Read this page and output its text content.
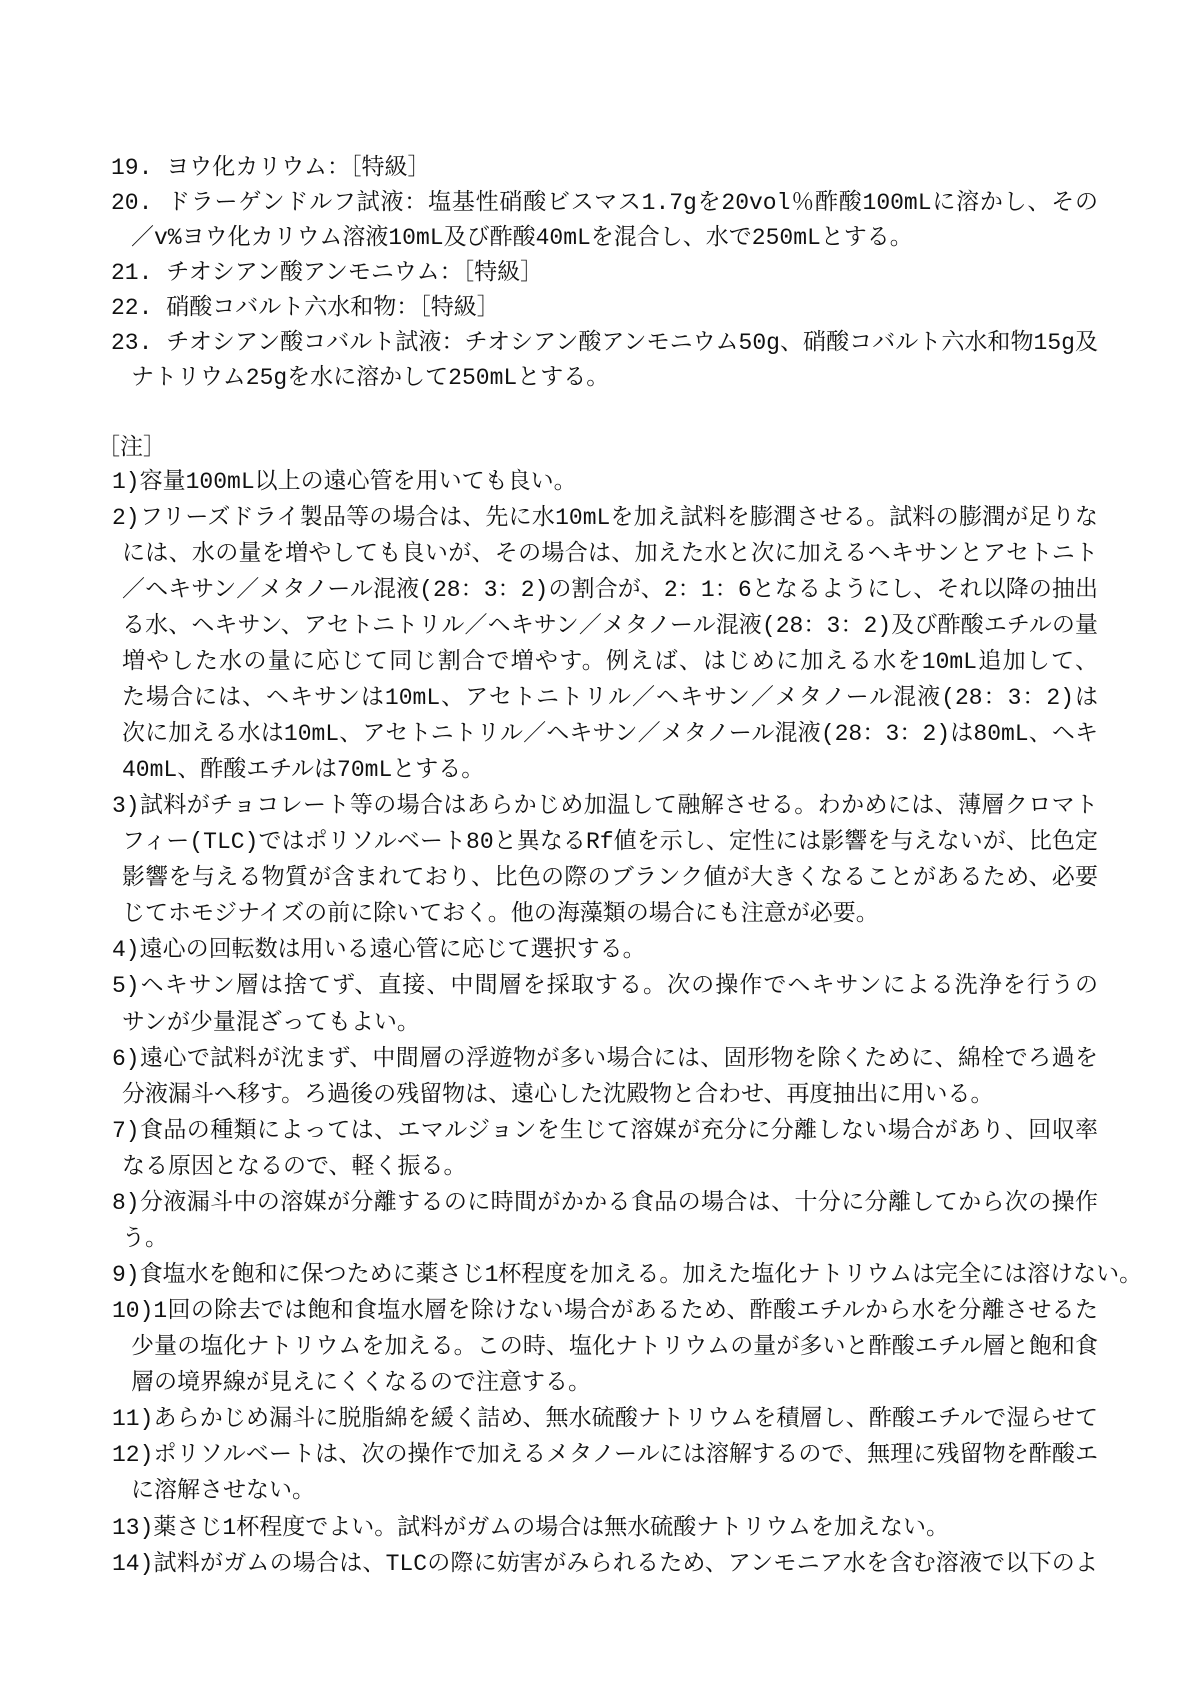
［注］
19. ヨウ化カリウム：［特級］
20. ドラーゲンドルフ試液：塩基性硝酸ビスマス1.7gを20vol％酢酸100mLに溶かし、その
／v%ヨウ化カリウム溶液10mL及び酢酸40mLを混合し、水で250mLとする。
21. チオシアン酸アンモニウム：［特級］
22. 硝酸コバルト六水和物：［特級］
23. チオシアン酸コバルト試液：チオシアン酸アンモニウム50g、硝酸コバルト六水和物15g及
ナトリウム25gを水に溶かして250mLとする。
1)容量100mL以上の遠心管を用いても良い。
2)フリーズドライ製品等の場合は、先に水10mLを加え試料を膨潤させる。試料の膨潤が足りな
には、水の量を増やしても良いが、その場合は、加えた水と次に加えるヘキサンとアセトニト
／ヘキサン／メタノール混液(28：3：2)の割合が、2：1：6となるようにし、それ以降の抽出
る水、ヘキサン、アセトニトリル／ヘキサン／メタノール混液(28：3：2)及び酢酸エチルの量
増やした水の量に応じて同じ割合で増やす。例えば、はじめに加える水を10mL追加して、
た場合には、ヘキサンは10mL、アセトニトリル／ヘキサン／メタノール混液(28：3：2)は
次に加える水は10mL、アセトニトリル／ヘキサン／メタノール混液(28：3：2)は80mL、ヘキ
40mL、酢酸エチルは70mLとする。
3)試料がチョコレート等の場合はあらかじめ加温して融解させる。わかめには、薄層クロマト
フィー(TLC)ではポリソルベート80と異なるRf値を示し、定性には影響を与えないが、比色定
影響を与える物質が含まれており、比色の際のブランク値が大きくなることがあるため、必要
じてホモジナイズの前に除いておく。他の海藻類の場合にも注意が必要。
4)遠心の回転数は用いる遠心管に応じて選択する。
5)ヘキサン層は捨てず、直接、中間層を採取する。次の操作でヘキサンによる洗浄を行うの
サンが少量混ざってもよい。
6)遠心で試料が沈まず、中間層の浮遊物が多い場合には、固形物を除くために、綿栓でろ過を
分液漏斗へ移す。ろ過後の残留物は、遠心した沈殿物と合わせ、再度抽出に用いる。
7)食品の種類によっては、エマルジョンを生じて溶媒が充分に分離しない場合があり、回収率
なる原因となるので、軽く振る。
8)分液漏斗中の溶媒が分離するのに時間がかかる食品の場合は、十分に分離してから次の操作
う。
9)食塩水を飽和に保つために薬さじ1杯程度を加える。加えた塩化ナトリウムは完全には溶けない。
10)1回の除去では飽和食塩水層を除けない場合があるため、酢酸エチルから水を分離させるた
少量の塩化ナトリウムを加える。この時、塩化ナトリウムの量が多いと酢酸エチル層と飽和食
層の境界線が見えにくくなるので注意する。
11)あらかじめ漏斗に脱脂綿を緩く詰め、無水硫酸ナトリウムを積層し、酢酸エチルで湿らせて
12)ポリソルベートは、次の操作で加えるメタノールには溶解するので、無理に残留物を酢酸エ
に溶解させない。
13)薬さじ1杯程度でよい。試料がガムの場合は無水硫酸ナトリウムを加えない。
14)試料がガムの場合は、TLCの際に妨害がみられるため、アンモニア水を含む溶液で以下のよ
